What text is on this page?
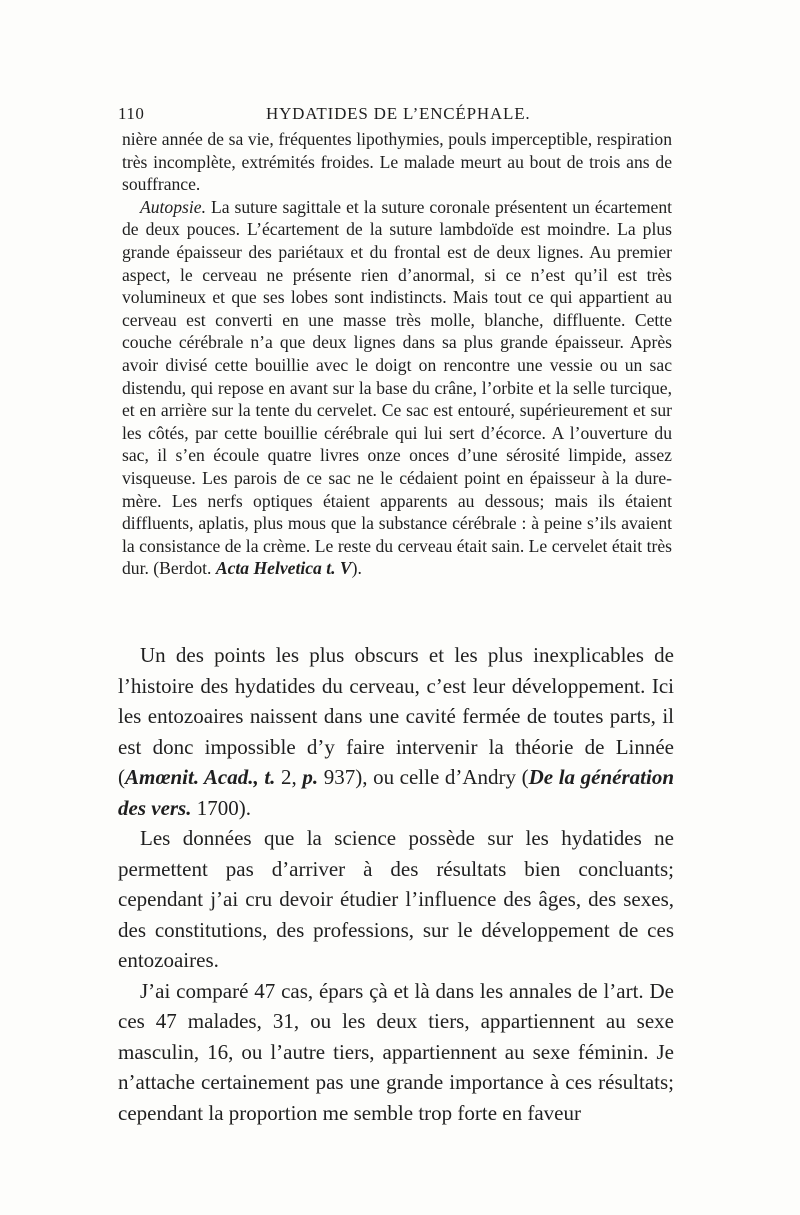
110	HYDATIDES DE L’ENCÉPHALE.

nière année de sa vie, fréquentes lipothymies, pouls imperceptible, respiration très incomplète, extrémités froides. Le malade meurt au bout de trois ans de souffrance.

Autopsie. La suture sagittale et la suture coronale présentent un écartement de deux pouces. L’écartement de la suture lambdoïde est moindre. La plus grande épaisseur des pariétaux et du frontal est de deux lignes. Au premier aspect, le cerveau ne présente rien d’anormal, si ce n’est qu’il est très volumineux et que ses lobes sont indistincts. Mais tout ce qui appartient au cerveau est converti en une masse très molle, blanche, diffluente. Cette couche cérébrale n’a que deux lignes dans sa plus grande épaisseur. Après avoir divisé cette bouillie avec le doigt on rencontre une vessie ou un sac distendu, qui repose en avant sur la base du crâne, l’orbite et la selle turcique, et en arrière sur la tente du cervelet. Ce sac est entouré, supérieurement et sur les côtés, par cette bouillie cérébrale qui lui sert d’écorce. A l’ouverture du sac, il s’en écoule quatre livres onze onces d’une sérosité limpide, assez visqueuse. Les parois de ce sac ne le cédaient point en épaisseur à la dure-mère. Les nerfs optiques étaient apparents au dessous; mais ils étaient diffluents, aplatis, plus mous que la substance cérébrale : à peine s’ils avaient la consistance de la crème. Le reste du cerveau était sain. Le cervelet était très dur. (Berdot. Acta Helvetica t. V).

Un des points les plus obscurs et les plus inexplicables de l’histoire des hydatides du cerveau, c’est leur développement. Ici les entozoaires naissent dans une cavité fermée de toutes parts, il est donc impossible d’y faire intervenir la théorie de Linnée (Amœnit. Acad., t. 2, p. 937), ou celle d’Andry (De la génération des vers. 1700).

Les données que la science possède sur les hydatides ne permettent pas d’arriver à des résultats bien concluants; cependant j’ai cru devoir étudier l’influence des âges, des sexes, des constitutions, des professions, sur le développement de ces entozoaires.

J’ai comparé 47 cas, épars çà et là dans les annales de l’art. De ces 47 malades, 31, ou les deux tiers, appartiennent au sexe masculin, 16, ou l’autre tiers, appartiennent au sexe féminin. Je n’attache certainement pas une grande importance à ces résultats; cependant la proportion me semble trop forte en faveur
